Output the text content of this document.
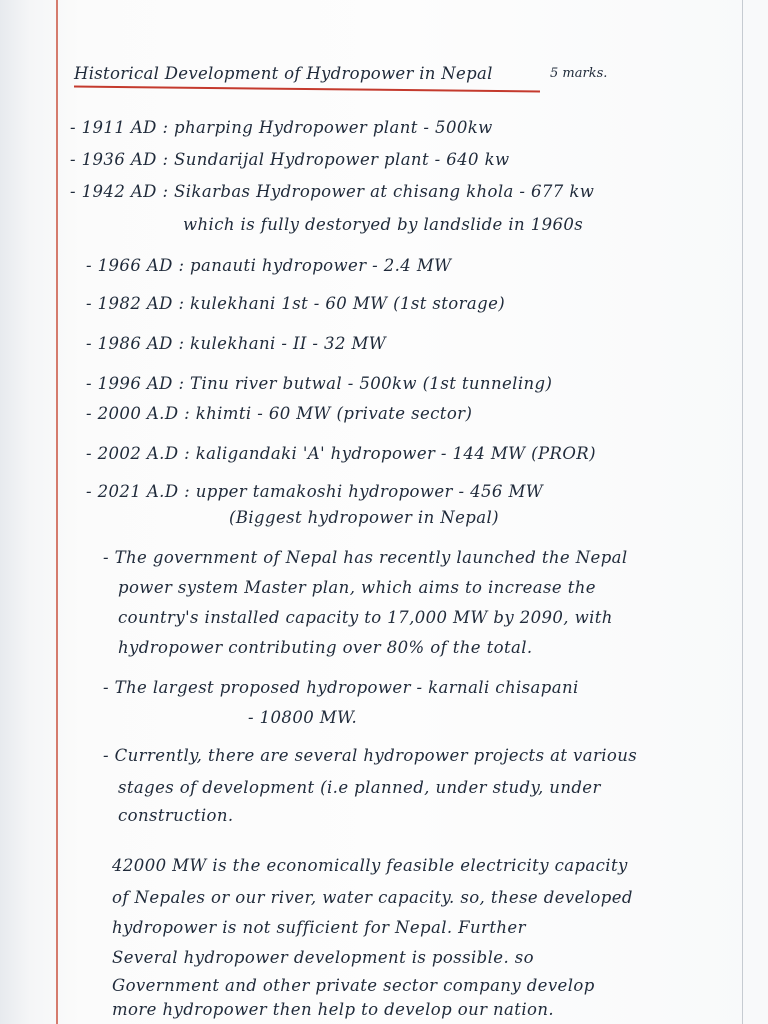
Historical Development of Hydropower in Nepal	5 marks.
- 1911 AD : pharping Hydropower plant - 500kw
- 1936 AD : Sundarijal Hydropower plant - 640 kw
- 1942 AD : Sikarbas Hydropower at chisang khola - 677 kw
which is fully destoryed by landslide in 1960s
- 1966 AD : panauti hydropower - 2.4 MW
- 1982 AD : kulekhani 1st - 60 MW (1st storage)
- 1986 AD : kulekhani - II - 32 MW
- 1996 AD : Tinu river butwal - 500kw (1st tunneling)
- 2000 A.D : khimti - 60 MW (private sector)
- 2002 A.D : kaligandaki 'A' hydropower - 144 MW (PROR)
- 2021 A.D : upper tamakoshi hydropower - 456 MW
(Biggest hydropower in Nepal)
- The government of Nepal has recently launched the Nepal
power system Master plan, which aims to increase the
country's installed capacity to 17,000 MW by 2090, with
hydropower contributing over 80% of the total.
- The largest proposed hydropower - karnali chisapani
- 10800 MW.
- Currently, there are several hydropower projects at various
stages of development (i.e planned, under study, under
construction.
42000 MW is the economically feasible electricity capacity
of Nepales or our river, water capacity. so, these developed
hydropower is not sufficient for Nepal. Further
Several hydropower development is possible. so
Government and other private sector company develop
more hydropower then help to develop our nation.
